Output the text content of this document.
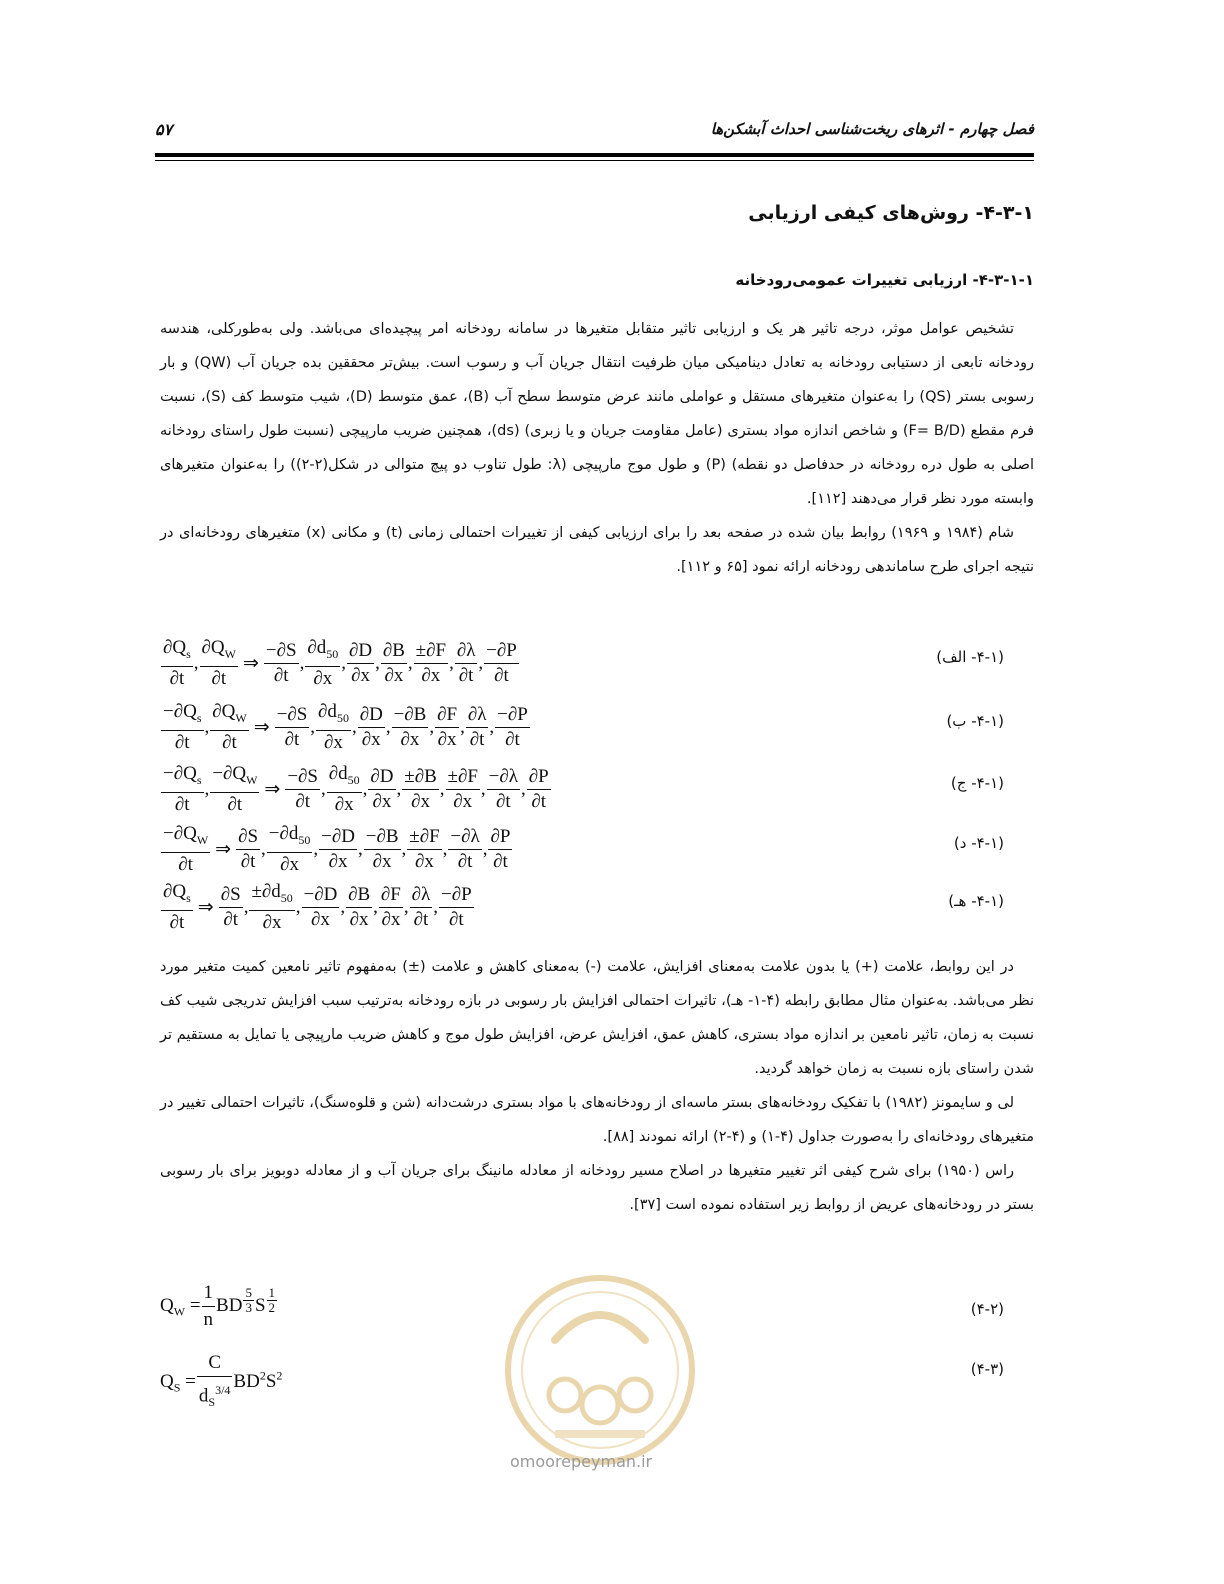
۵۷	فصل چهارم - اثرهای ریخت‌شناسی احداث آبشکن‌ها
۴-۳-۱- روش‌های کیفی ارزیابی
۴-۳-۱-۱- ارزیابی تغییرات عمومی‌رودخانه

تشخیص عوامل موثر، درجه تاثیر هر یک و ارزیابی تاثیر متقابل متغیرها در سامانه رودخانه امر پیچیده‌ای می‌باشد. ولی به‌طورکلی، هندسه رودخانه تابعی از دستیابی رودخانه به تعادل دینامیکی میان ظرفیت انتقال جریان آب و رسوب است. بیش‌تر محققین بده جریان آب (QW) و بار رسوبی بستر (QS) را به‌عنوان متغیرهای مستقل و عواملی مانند عرض متوسط سطح آب (B)، عمق متوسط (D)، شیب متوسط کف (S)، نسبت فرم مقطع (F= B/D) و شاخص اندازه مواد بستری (عامل مقاومت جریان و یا زبری) (ds)، همچنین ضریب مارپیچی (نسبت طول راستای رودخانه اصلی به طول دره رودخانه در حدفاصل دو نقطه) (P) و طول موج مارپیچی (λ: طول تناوب دو پیچ متوالی در شکل(۲-۲)) را به‌عنوان متغیرهای وابسته مورد نظر قرار می‌دهند [۱۱۲].

شام (۱۹۸۴ و ۱۹۶۹) روابط بیان شده در صفحه بعد را برای ارزیابی کیفی از تغییرات احتمالی زمانی (t) و مکانی (x) متغیرهای رودخانه‌ای در نتیجه اجرای طرح ساماندهی رودخانه ارائه نمود [۶۵ و ۱۱۲].

$\frac{\partial Q_s}{\partial t}$ , $\frac{\partial Q_W}{\partial t}$ ⇒ $\frac{-\partial S}{\partial t}$ , $\frac{\partial d_{50}}{\partial x}$ , $\frac{\partial D}{\partial x}$ , $\frac{\partial B}{\partial x}$ , $\frac{\pm\partial F}{\partial x}$ , $\frac{\partial\lambda}{\partial t}$ , $\frac{-\partial P}{\partial t}$	(۴-۱- الف)
$\frac{-\partial Q_s}{\partial t}$ , $\frac{\partial Q_W}{\partial t}$ ⇒ $\frac{-\partial S}{\partial t}$ , $\frac{\partial d_{50}}{\partial x}$ , $\frac{\partial D}{\partial x}$ , $\frac{-\partial B}{\partial x}$ , $\frac{\partial F}{\partial x}$ , $\frac{\partial\lambda}{\partial t}$ , $\frac{-\partial P}{\partial t}$	(۴-۱- ب)
$\frac{-\partial Q_s}{\partial t}$ , $\frac{-\partial Q_W}{\partial t}$ ⇒ $\frac{-\partial S}{\partial t}$ , $\frac{\partial d_{50}}{\partial x}$ , $\frac{\partial D}{\partial x}$ , $\frac{\pm\partial B}{\partial x}$ , $\frac{\pm\partial F}{\partial x}$ , $\frac{-\partial\lambda}{\partial t}$ , $\frac{\partial P}{\partial t}$	(۴-۱- ج)
$\frac{-\partial Q_W}{\partial t}$ ⇒ $\frac{\partial S}{\partial t}$ , $\frac{-\partial d_{50}}{\partial x}$ , $\frac{-\partial D}{\partial x}$ , $\frac{-\partial B}{\partial x}$ , $\frac{\pm\partial F}{\partial x}$ , $\frac{-\partial\lambda}{\partial t}$ , $\frac{\partial P}{\partial t}$	(۴-۱- د)
$\frac{\partial Q_s}{\partial t}$ ⇒ $\frac{\partial S}{\partial t}$ , $\frac{\pm\partial d_{50}}{\partial x}$ , $\frac{-\partial D}{\partial x}$ , $\frac{\partial B}{\partial x}$ , $\frac{\partial F}{\partial x}$ , $\frac{\partial\lambda}{\partial t}$ , $\frac{-\partial P}{\partial t}$	(۴-۱- هـ)

در این روابط، علامت (+) یا بدون علامت به‌معنای افزایش، علامت (-) به‌معنای کاهش و علامت (±) به‌مفهوم تاثیر نامعین کمیت متغیر مورد نظر می‌باشد. به‌عنوان مثال مطابق رابطه (۴-۱- هـ)، تاثیرات احتمالی افزایش بار رسوبی در بازه رودخانه به‌ترتیب سبب افزایش تدریجی شیب کف نسبت به زمان، تاثیر نامعین بر اندازه مواد بستری، کاهش عمق، افزایش عرض، افزایش طول موج و کاهش ضریب مارپیچی یا تمایل به مستقیم تر شدن راستای بازه نسبت به زمان خواهد گردید.

لی و سایمونز (۱۹۸۲) با تفکیک رودخانه‌های بستر ماسه‌ای از رودخانه‌های با مواد بستری درشت‌دانه (شن و قلوه‌سنگ)، تاثیرات احتمالی تغییر در متغیرهای رودخانه‌ای را به‌صورت جداول (۴-۱) و (۴-۲) ارائه نمودند [۸۸].

راس (۱۹۵۰) برای شرح کیفی اثر تغییر متغیرها در اصلاح مسیر رودخانه از معادله مانینگ برای جریان آب و از معادله دوبویز برای بار رسوبی بستر در رودخانه‌های عریض از روابط زیر استفاده نموده است [۳۷].

$Q_W = \frac{1}{n}$ BD $^{\frac{5}{3}}$ S $^{\frac{1}{2}}$	(۴-۲)
$Q_S = \frac{C}{d_S^{3/4}} BD^2S^2$	(۴-۳)
omoorepeyman.ir
